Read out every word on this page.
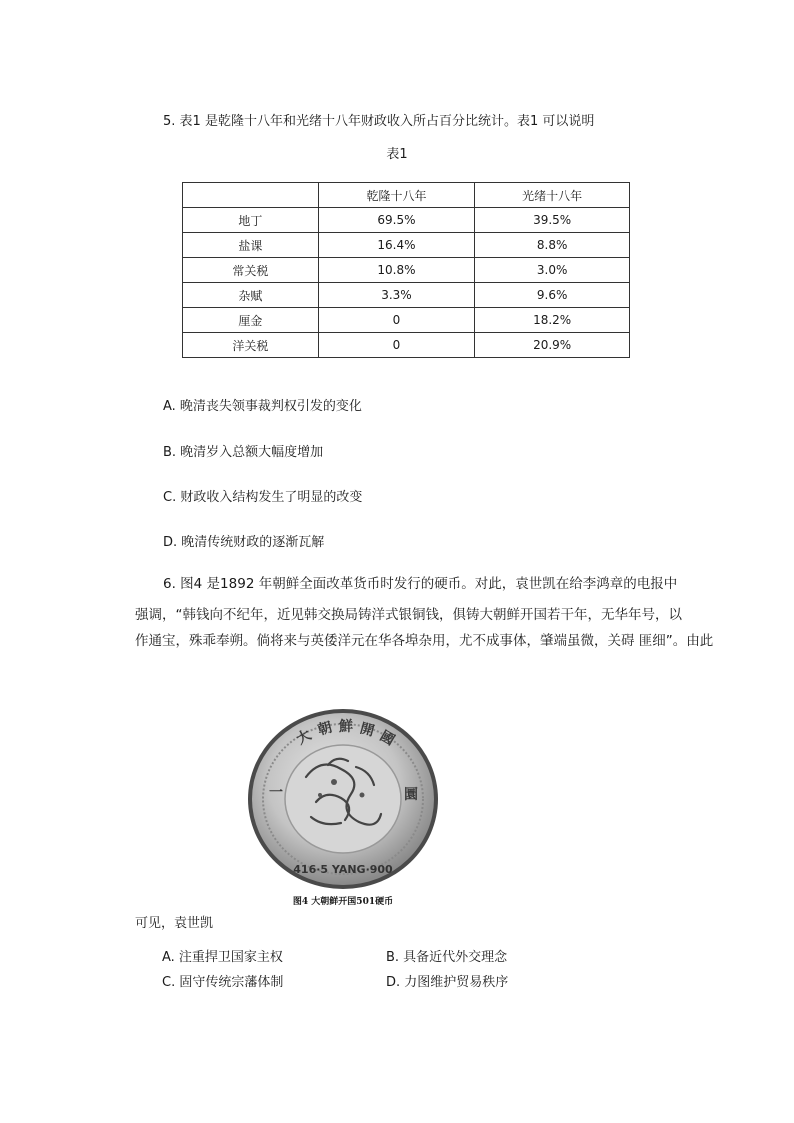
5. 表1 是乾隆十八年和光绪十八年财政收入所占百分比统计。表1 可以说明
表1
	乾隆十八年	光绪十八年
地丁	69.5%	39.5%
盐课	16.4%	8.8%
常关税	10.8%	3.0%
杂赋	3.3%	9.6%
厘金	0	18.2%
洋关税	0	20.9%
A. 晚清丧失领事裁判权引发的变化
B. 晚清岁入总额大幅度增加
C. 财政收入结构发生了明显的改变
D. 晚清传统财政的逐渐瓦解
6. 图4 是1892 年朝鲜全面改革货币时发行的硬币。对此，袁世凯在给李鸿章的电报中
强调，“韩钱向不纪年，近见韩交换局铸洋式银铜钱，俱铸大朝鲜开国若干年，无华年号，以
作通宝，殊乖奉朔。倘将来与英倭洋元在华各埠杂用，尤不成事体，肇端虽微，关碍 匪细”。由此
大 朝 鮮 開 國
一	圜
416·5 YANG·900
图4 大朝鲜开国501硬币
可见，袁世凯
A. 注重捍卫国家主权	B. 具备近代外交理念
C. 固守传统宗藩体制	D. 力图维护贸易秩序
